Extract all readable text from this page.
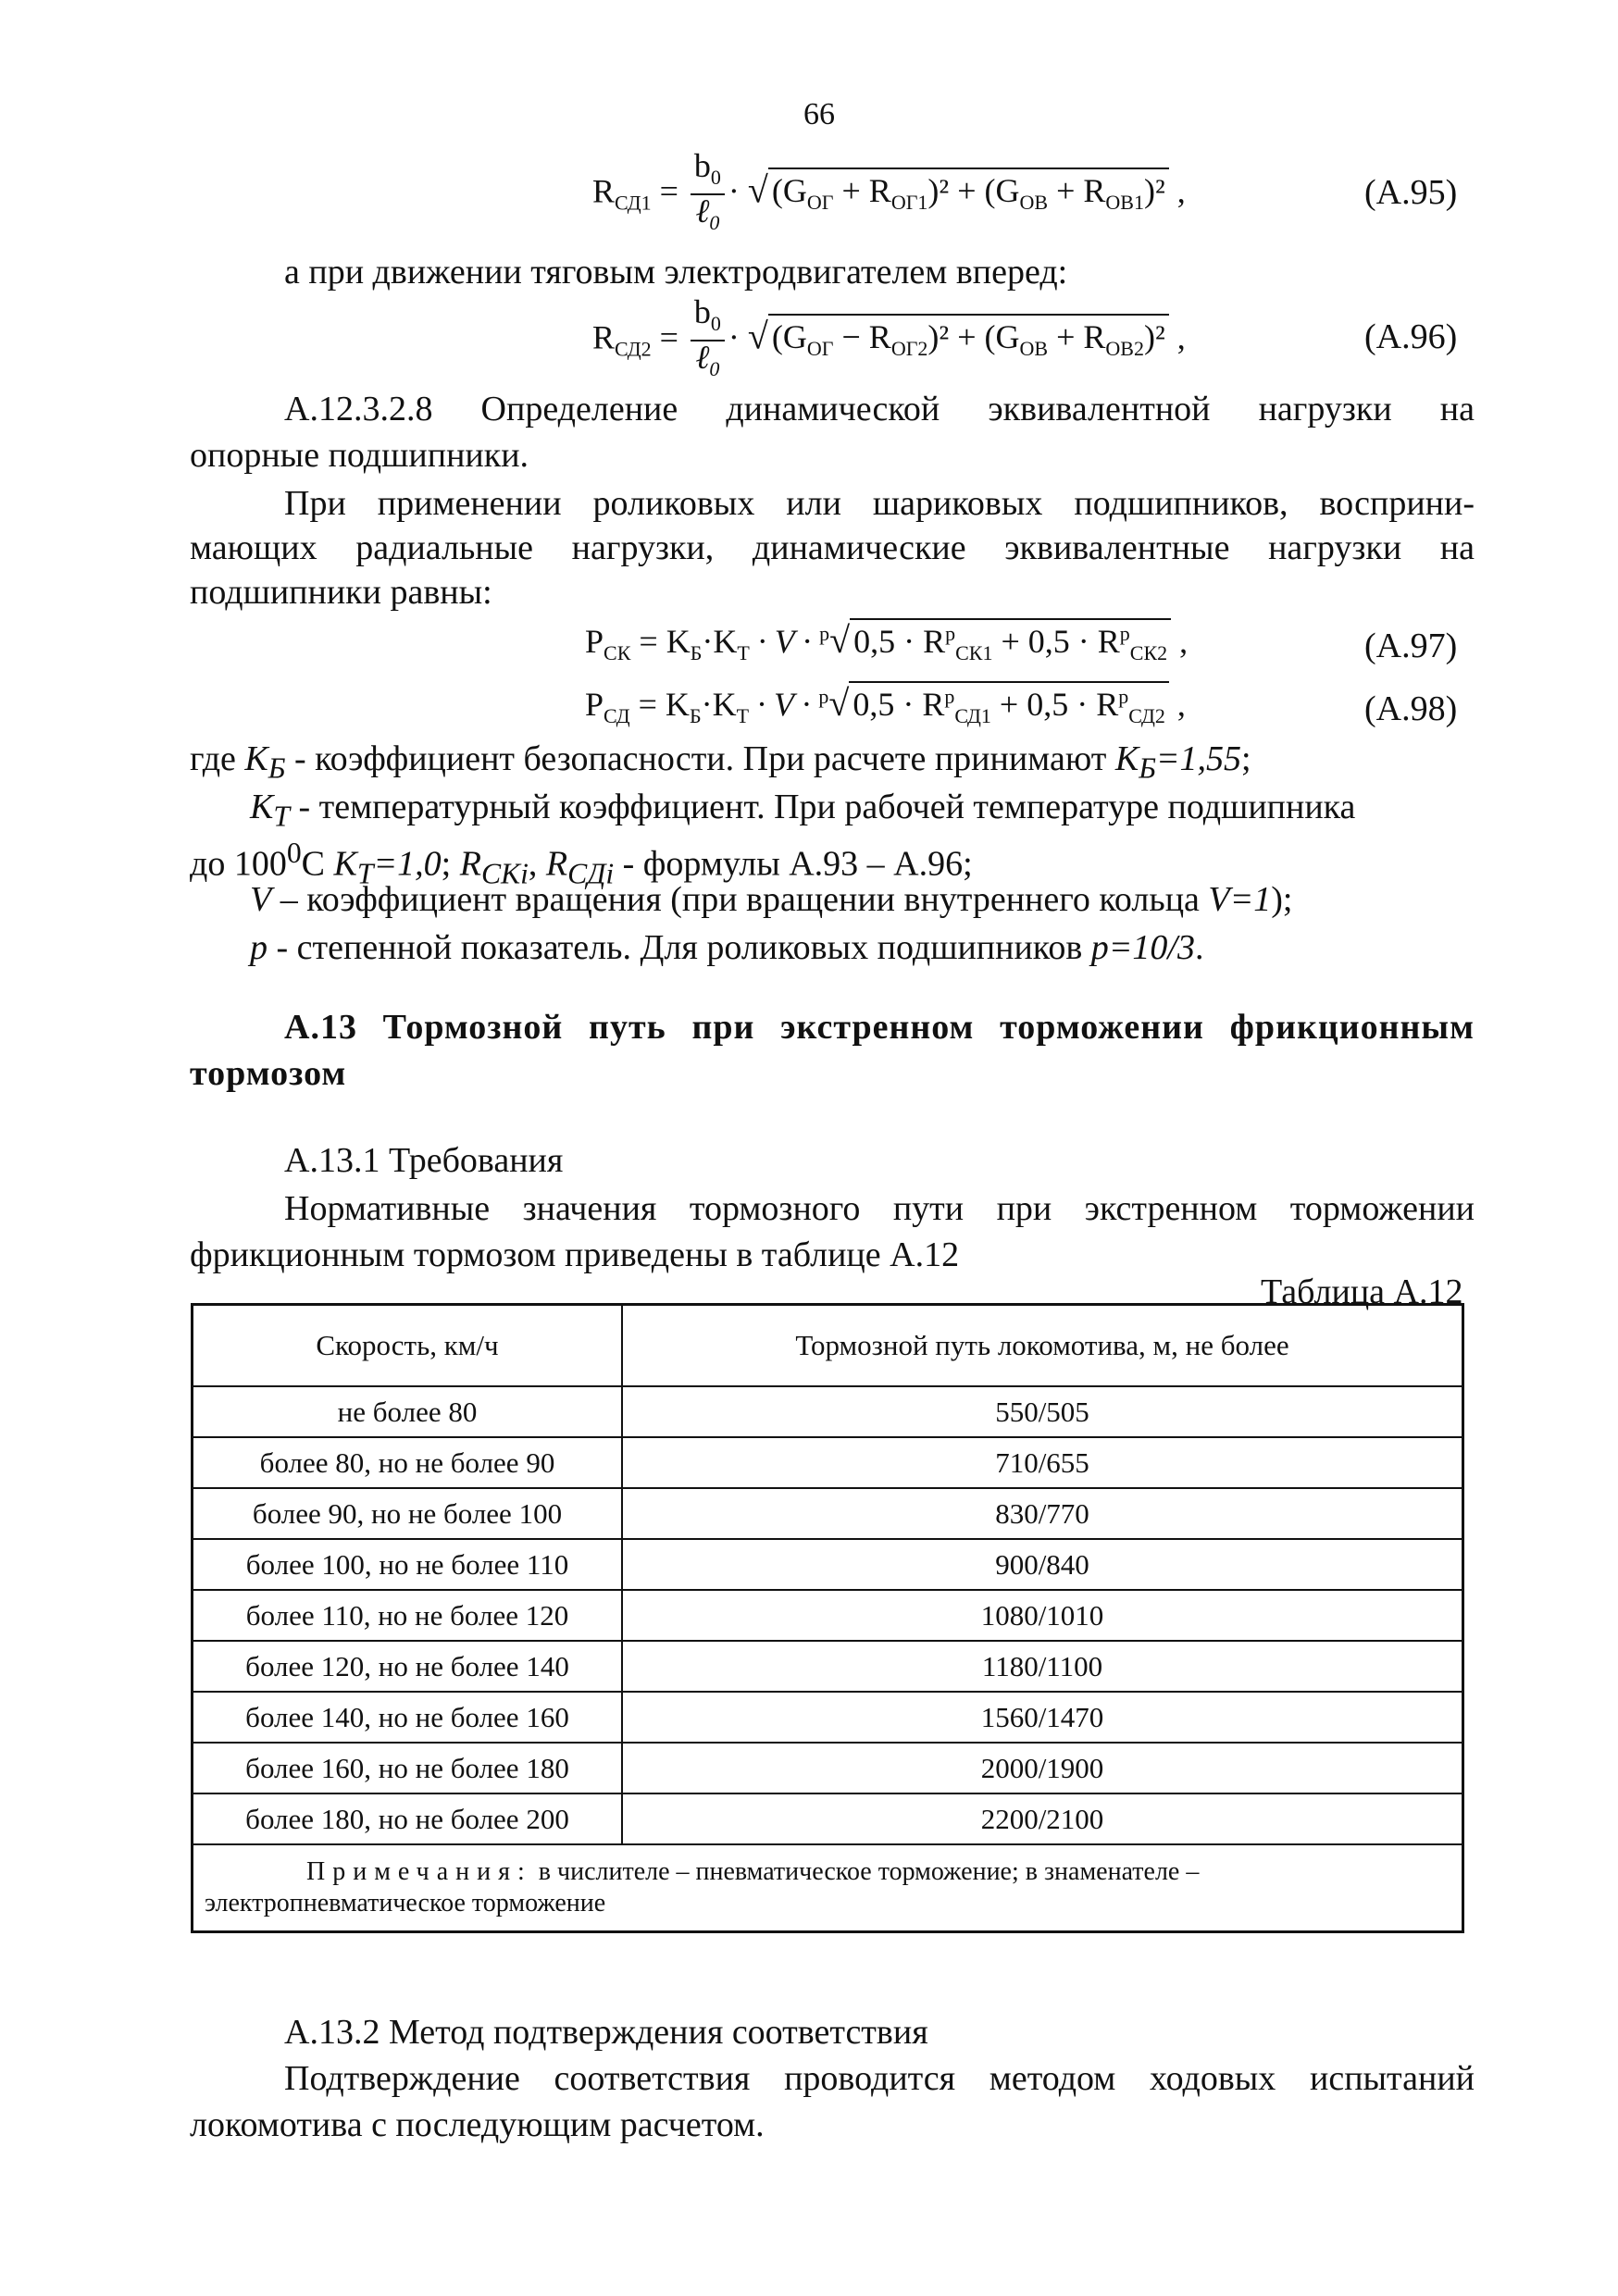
66
$R_{СД1} = \frac{b_0}{\ell_0}$ · √ $(G_{ОГ} + R_{ОГ1})^2 + (G_{ОВ} + R_{ОВ1})^2$ ,	(А.95)
а при движении тяговым электродвигателем вперед:
$R_{СД2} = \frac{b_0}{\ell_0}$ · √ $(G_{ОГ} - R_{ОГ2})^2 + (G_{ОВ} + R_{ОВ2})^2$ ,	(А.96)
А.12.3.2.8 Определение динамической эквивалентной нагрузки на
опорные подшипники.
При применении роликовых или шариковых подшипников, восприни-
мающих радиальные нагрузки, динамические эквивалентные нагрузки на
подшипники равны:
$P_{СК} = K_Б\cdot K_Т \cdot V \cdot ^p√$ $0,5 \cdot R^p_{СК1} + 0,5 \cdot R^p_{СК2}$ ,	(А.97)
$P_{СД} = K_Б\cdot K_Т \cdot V \cdot ^p√$ $0,5 \cdot R^p_{СД1} + 0,5 \cdot R^p_{СД2}$ ,	(А.98)
где $K_Б$ - коэффициент безопасности. При расчете принимают $K_Б=1,55$;
$K_Т$ - температурный коэффициент. При рабочей температуре подшипника
до $100^0С$ $K_Т=1,0$; $R_{СКi}$, $R_{СДi}$ - формулы А.93 – А.96;
V – коэффициент вращения (при вращении внутреннего кольца V=1);
p - степенной показатель. Для роликовых подшипников p=10/3.
А.13 Тормозной путь при экстренном торможении фрикционным
тормозом
А.13.1 Требования
Нормативные значения тормозного пути при экстренном торможении
фрикционным тормозом приведены в таблице А.12
Таблица А.12
Скорость, км/ч	Тормозной путь локомотива, м, не более
не более 80	550/505
более 80, но не более 90	710/655
более 90, но не более 100	830/770
более 100, но не более 110	900/840
более 110, но не более 120	1080/1010
более 120, но не более 140	1180/1100
более 140, но не более 160	1560/1470
более 160, но не более 180	2000/1900
более 180, но не более 200	2200/2100
Примечания: в числителе – пневматическое торможение; в знаменателе –
электропневматическое торможение	
А.13.2 Метод подтверждения соответствия
Подтверждение соответствия проводится методом ходовых испытаний
локомотива с последующим расчетом.
